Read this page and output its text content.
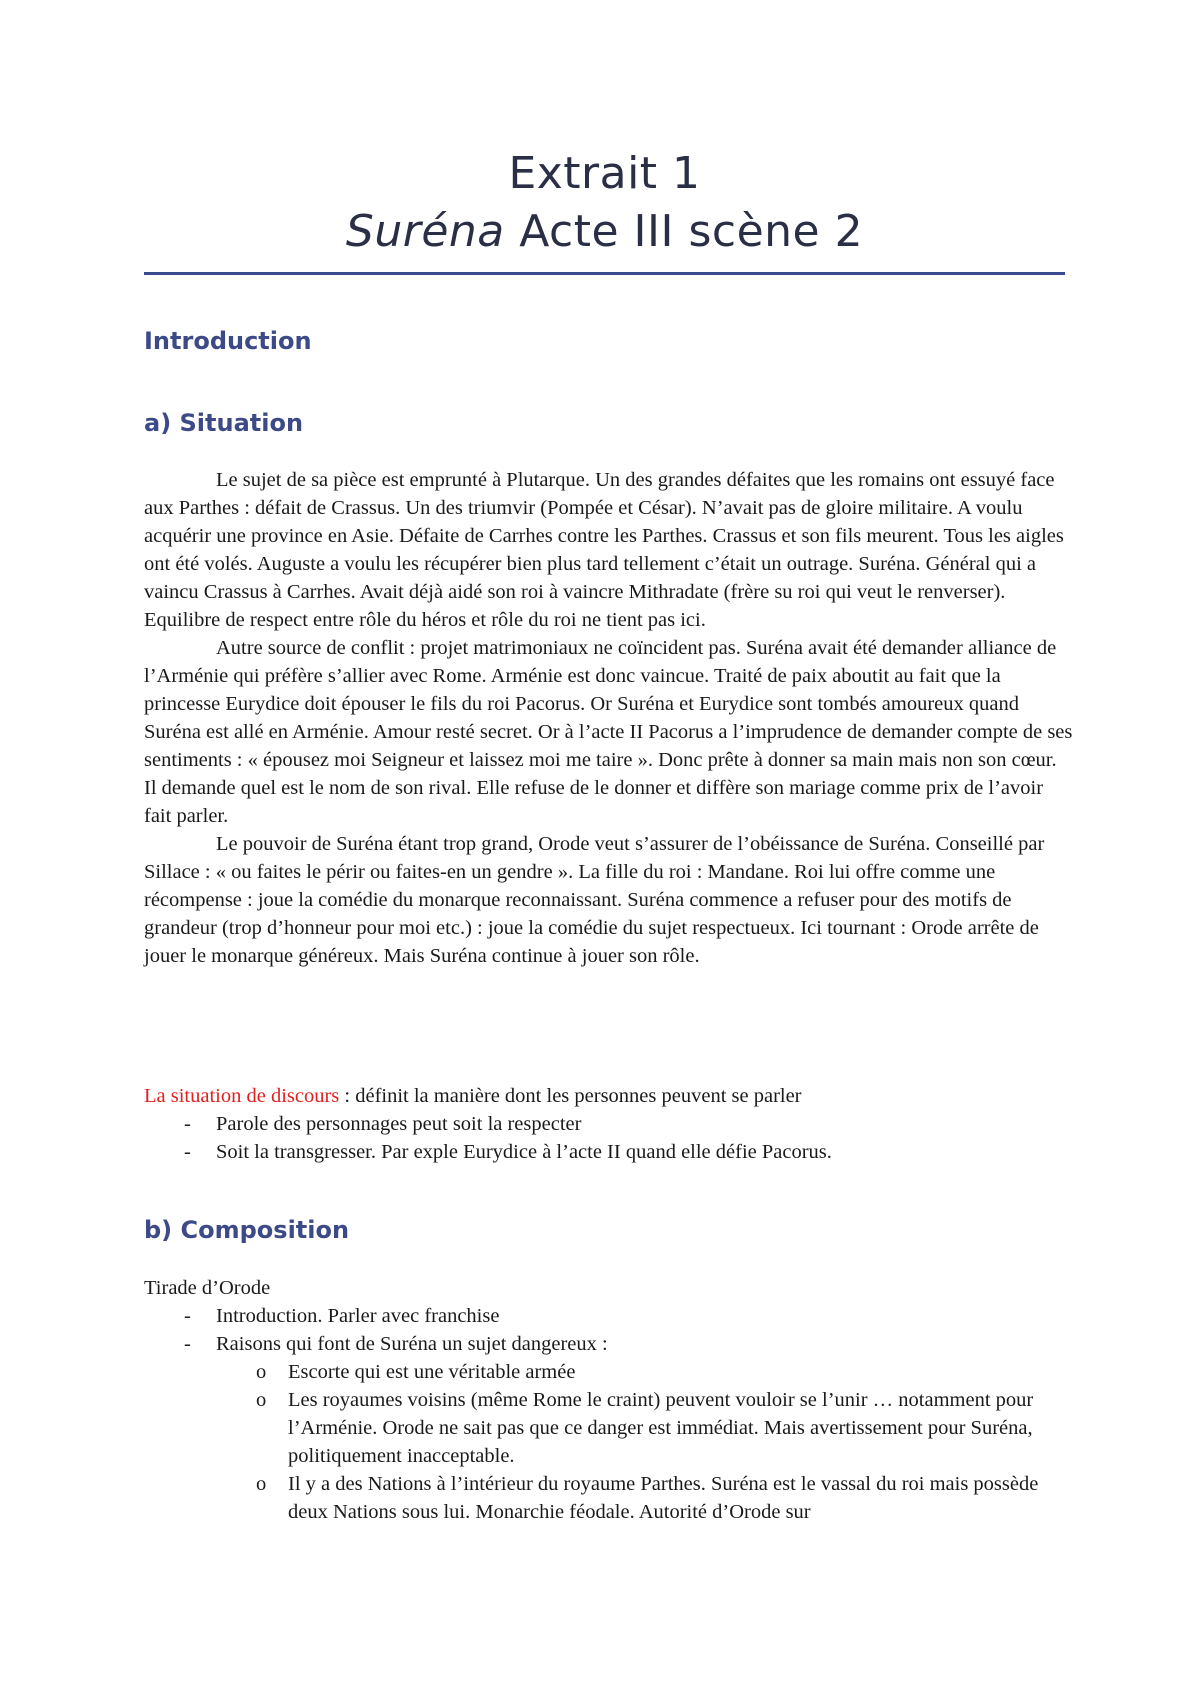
Extrait 1
Suréna Acte III scène 2
Introduction
a) Situation

Le sujet de sa pièce est emprunté à Plutarque. Un des grandes défaites que les romains ont essuyé face aux Parthes : défait de Crassus. Un des triumvir (Pompée et César). N’avait pas de gloire militaire. A voulu acquérir une province en Asie. Défaite de Carrhes contre les Parthes. Crassus et son fils meurent. Tous les aigles ont été volés. Auguste a voulu les récupérer bien plus tard tellement c’était un outrage. Suréna. Général qui a vaincu Crassus à Carrhes. Avait déjà aidé son roi à vaincre Mithradate (frère su roi qui veut le renverser). Equilibre de respect entre rôle du héros et rôle du roi ne tient pas ici.

Autre source de conflit : projet matrimoniaux ne coïncident pas. Suréna avait été demander alliance de l’Arménie qui préfère s’allier avec Rome. Arménie est donc vaincue. Traité de paix aboutit au fait que la princesse Eurydice doit épouser le fils du roi Pacorus. Or Suréna et Eurydice sont tombés amoureux quand Suréna est allé en Arménie. Amour resté secret. Or à l’acte II Pacorus a l’imprudence de demander compte de ses sentiments : « épousez moi Seigneur et laissez moi me taire ». Donc prête à donner sa main mais non son cœur. Il demande quel est le nom de son rival. Elle refuse de le donner et diffère son mariage comme prix de l’avoir fait parler.

Le pouvoir de Suréna étant trop grand, Orode veut s’assurer de l’obéissance de Suréna. Conseillé par Sillace : « ou faites le périr ou faites-en un gendre ». La fille du roi : Mandane. Roi lui offre comme une récompense : joue la comédie du monarque reconnaissant. Suréna commence a refuser pour des motifs de grandeur (trop d’honneur pour moi etc.) : joue la comédie du sujet respectueux. Ici tournant : Orode arrête de jouer le monarque généreux. Mais Suréna continue à jouer son rôle.

La situation de discours : définit la manière dont les personnes peuvent se parler

- Parole des personnages peut soit la respecter
- Soit la transgresser. Par exple Eurydice à l’acte II quand elle défie Pacorus.
b) Composition

Tirade d’Orode

- Introduction. Parler avec franchise
- Raisons qui font de Suréna un sujet dangereux :
o Escorte qui est une véritable armée
o Les royaumes voisins (même Rome le craint) peuvent vouloir se l’unir … notamment pour l’Arménie. Orode ne sait pas que ce danger est immédiat. Mais avertissement pour Suréna, politiquement inacceptable.
o Il y a des Nations à l’intérieur du royaume Parthes. Suréna est le vassal du roi mais possède deux Nations sous lui. Monarchie féodale. Autorité d’Orode sur
